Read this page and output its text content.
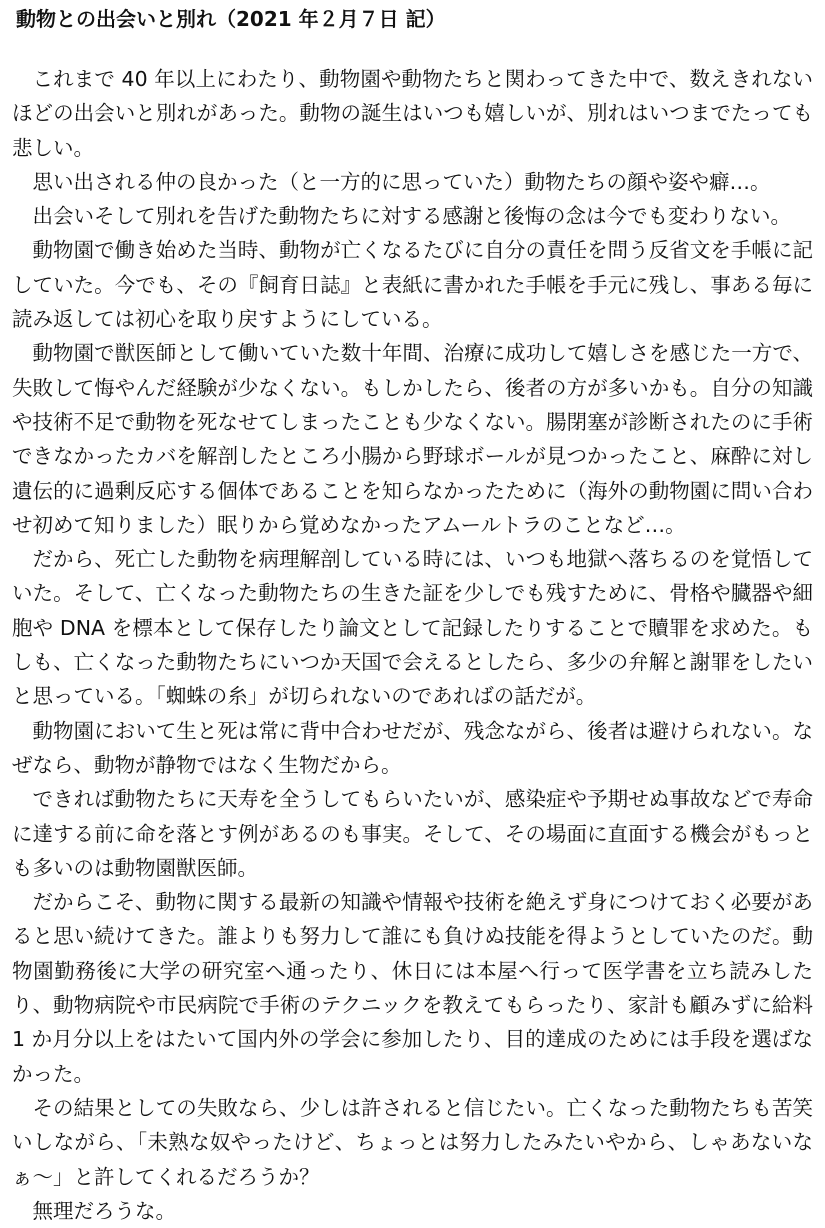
動物との出会いと別れ（2021 年２月７日 記）

これまで 40 年以上にわたり、動物園や動物たちと関わってきた中で、数えきれないほどの出会いと別れがあった。動物の誕生はいつも嬉しいが、別れはいつまでたっても悲しい。

思い出される仲の良かった（と一方的に思っていた）動物たちの顔や姿や癖…。

出会いそして別れを告げた動物たちに対する感謝と後悔の念は今でも変わりない。

動物園で働き始めた当時、動物が亡くなるたびに自分の責任を問う反省文を手帳に記していた。今でも、その『飼育日誌』と表紙に書かれた手帳を手元に残し、事ある毎に読み返しては初心を取り戻すようにしている。

動物園で獣医師として働いていた数十年間、治療に成功して嬉しさを感じた一方で、失敗して悔やんだ経験が少なくない。もしかしたら、後者の方が多いかも。自分の知識や技術不足で動物を死なせてしまったことも少なくない。腸閉塞が診断されたのに手術できなかったカバを解剖したところ小腸から野球ボールが見つかったこと、麻酔に対し遺伝的に過剰反応する個体であることを知らなかったために（海外の動物園に問い合わせ初めて知りました）眠りから覚めなかったアムールトラのことなど…。

だから、死亡した動物を病理解剖している時には、いつも地獄へ落ちるのを覚悟していた。そして、亡くなった動物たちの生きた証を少しでも残すために、骨格や臓器や細胞や DNA を標本として保存したり論文として記録したりすることで贖罪を求めた。もしも、亡くなった動物たちにいつか天国で会えるとしたら、多少の弁解と謝罪をしたいと思っている。「蜘蛛の糸」が切られないのであればの話だが。

動物園において生と死は常に背中合わせだが、残念ながら、後者は避けられない。なぜなら、動物が静物ではなく生物だから。

できれば動物たちに天寿を全うしてもらいたいが、感染症や予期せぬ事故などで寿命に達する前に命を落とす例があるのも事実。そして、その場面に直面する機会がもっとも多いのは動物園獣医師。

だからこそ、動物に関する最新の知識や情報や技術を絶えず身につけておく必要があると思い続けてきた。誰よりも努力して誰にも負けぬ技能を得ようとしていたのだ。動物園勤務後に大学の研究室へ通ったり、休日には本屋へ行って医学書を立ち読みしたり、動物病院や市民病院で手術のテクニックを教えてもらったり、家計も顧みずに給料 1 か月分以上をはたいて国内外の学会に参加したり、目的達成のためには手段を選ばなかった。

その結果としての失敗なら、少しは許されると信じたい。亡くなった動物たちも苦笑いしながら、「未熟な奴やったけど、ちょっとは努力したみたいやから、しゃあないなぁ～」と許してくれるだろうか？

無理だろうな。
